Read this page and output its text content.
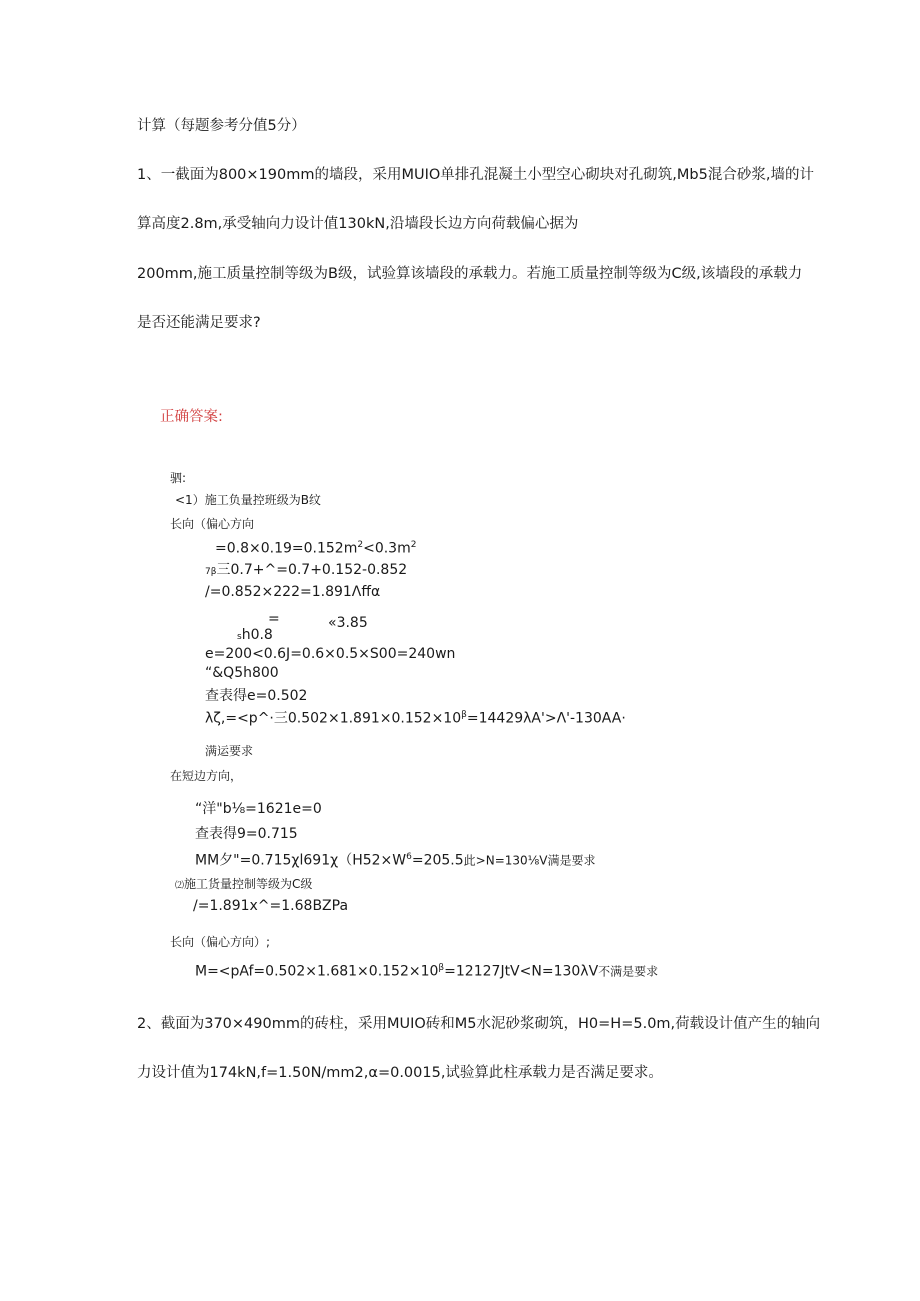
计算（每题参考分值5分）
1、一截面为800×190mm的墙段，采用MUIO单排孔混凝土小型空心砌块对孔砌筑,Mb5混合砂浆,墙的计
算高度2.8m,承受轴向力设计值130kN,沿墙段长边方向荷载偏心据为
200mm,施工质量控制等级为B级，试验算该墙段的承载力。若施工质量控制等级为C级,该墙段的承载力
是否还能满足要求?
正确答案:
驷:
<1）施工负量控班级为B纹
长向（偏心方向
$=0.8\times 0.19=0.152m^2<0.3m^2$
7β三0.7+^=0.7+0.152-0.852
/=0.852×222=1.891Λffα
=	«3.85
sh0.8
e=200<0.6J=0.6×0.5×S00=240wn
“&Q5h800
查表得e=0.502
λζ,=<p^·三$0.502\times 1.891\times 0.152\times 10^\beta=14429\lambda A'>\Lambda'-130AA\cdot$
满运要求
在短边方向，
“洋"b⅛=1621e=0
查表得9=0.715
MM夕"$=0.715\chi l691\chi(H52\times W^6=205.5$此>N=130⅛V满是要求
⑵施工货量控制等级为C级
/=1.891x^=1.68BZPa
长向（偏心方向）;
$M=<pAf=0.502\times 1.681\times 0.152\times 10^\beta=12127JtV<N=130\lambda V$不满是要求
2、截面为370×490mm的砖柱，采用MUIO砖和M5水泥砂浆砌筑，H0=H=5.0m,荷载设计值产生的轴向
力设计值为174kN,f=1.50N∕mm2,α=0.0015,试验算此柱承载力是否满足要求。
